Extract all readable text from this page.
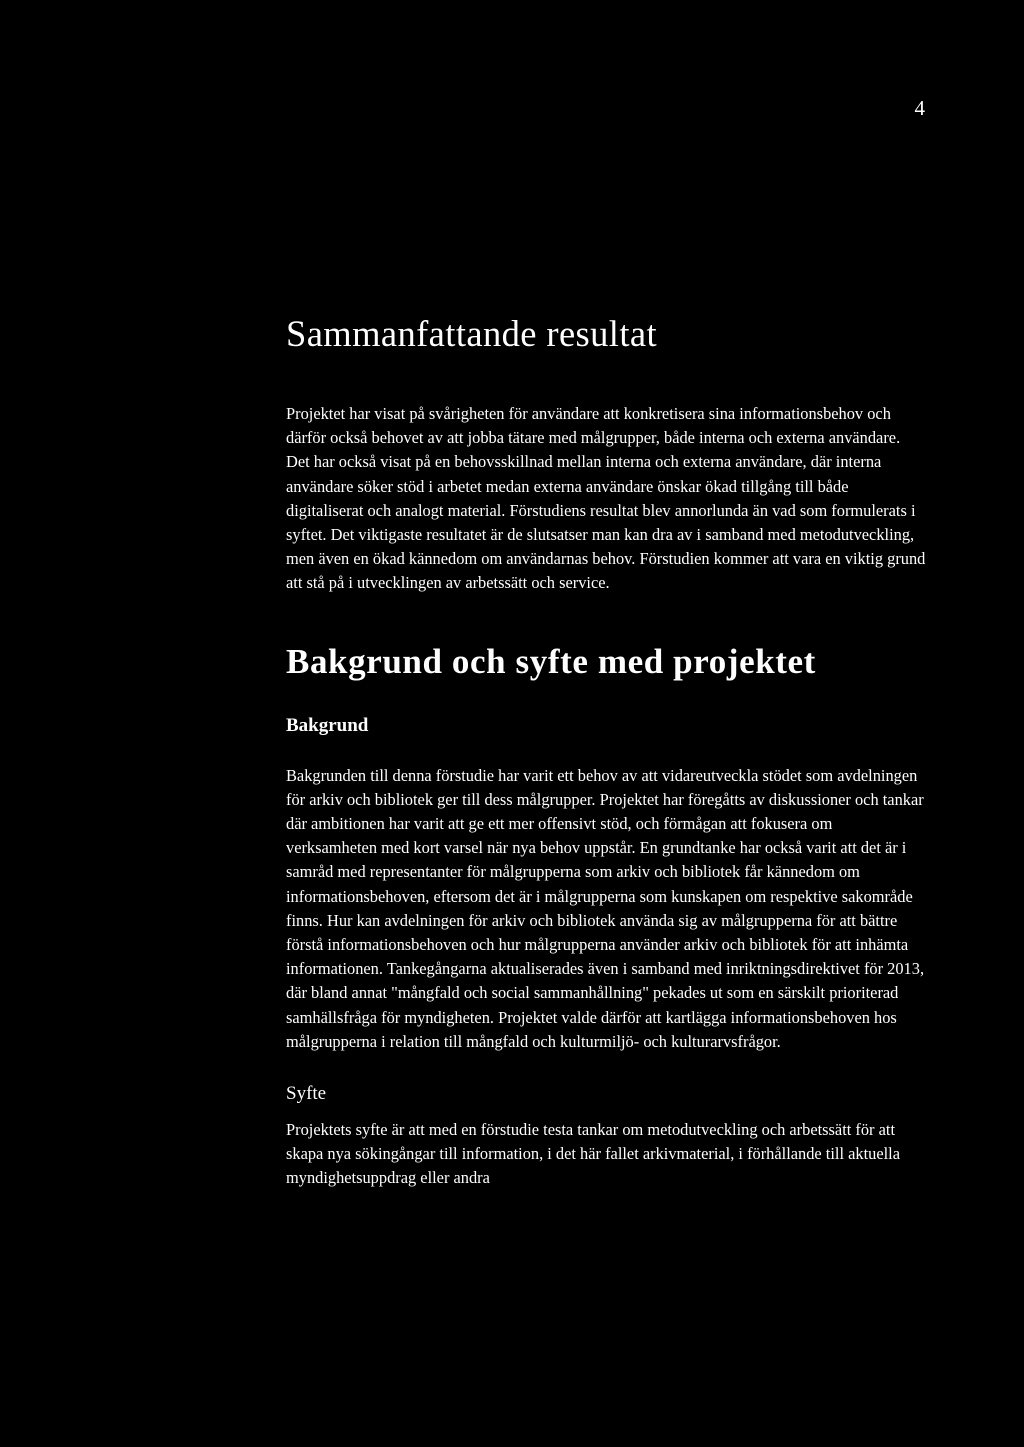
4
Sammanfattande resultat

Projektet har visat på svårigheten för användare att konkretisera sina informationsbehov och därför också behovet av att jobba tätare med målgrupper, både interna och externa användare. Det har också visat på en behovsskillnad mellan interna och externa användare, där interna användare söker stöd i arbetet medan externa användare önskar ökad tillgång till både digitaliserat och analogt material. Förstudiens resultat blev annorlunda än vad som formulerats i syftet. Det viktigaste resultatet är de slutsatser man kan dra av i samband med metodutveckling, men även en ökad kännedom om användarnas behov. Förstudien kommer att vara en viktig grund att stå på i utvecklingen av arbetssätt och service.

Bakgrund och syfte med projektet
Bakgrund

Bakgrunden till denna förstudie har varit ett behov av att vidareutveckla stödet som avdelningen för arkiv och bibliotek ger till dess målgrupper. Projektet har föregåtts av diskussioner och tankar där ambitionen har varit att ge ett mer offensivt stöd, och förmågan att fokusera om verksamheten med kort varsel när nya behov uppstår. En grundtanke har också varit att det är i samråd med representanter för målgrupperna som arkiv och bibliotek får kännedom om informationsbehoven, eftersom det är i målgrupperna som kunskapen om respektive sakområde finns. Hur kan avdelningen för arkiv och bibliotek använda sig av målgrupperna för att bättre förstå informationsbehoven och hur målgrupperna använder arkiv och bibliotek för att inhämta informationen. Tankegångarna aktualiserades även i samband med inriktningsdirektivet för 2013, där bland annat "mångfald och social sammanhållning" pekades ut som en särskilt prioriterad samhällsfråga för myndigheten. Projektet valde därför att kartlägga informationsbehoven hos målgrupperna i relation till mångfald och kulturmiljö- och kulturarvsfrågor.

Syfte

Projektets syfte är att med en förstudie testa tankar om metodutveckling och arbetssätt för att skapa nya sökingångar till information, i det här fallet arkivmaterial, i förhållande till aktuella myndighetsuppdrag eller andra
